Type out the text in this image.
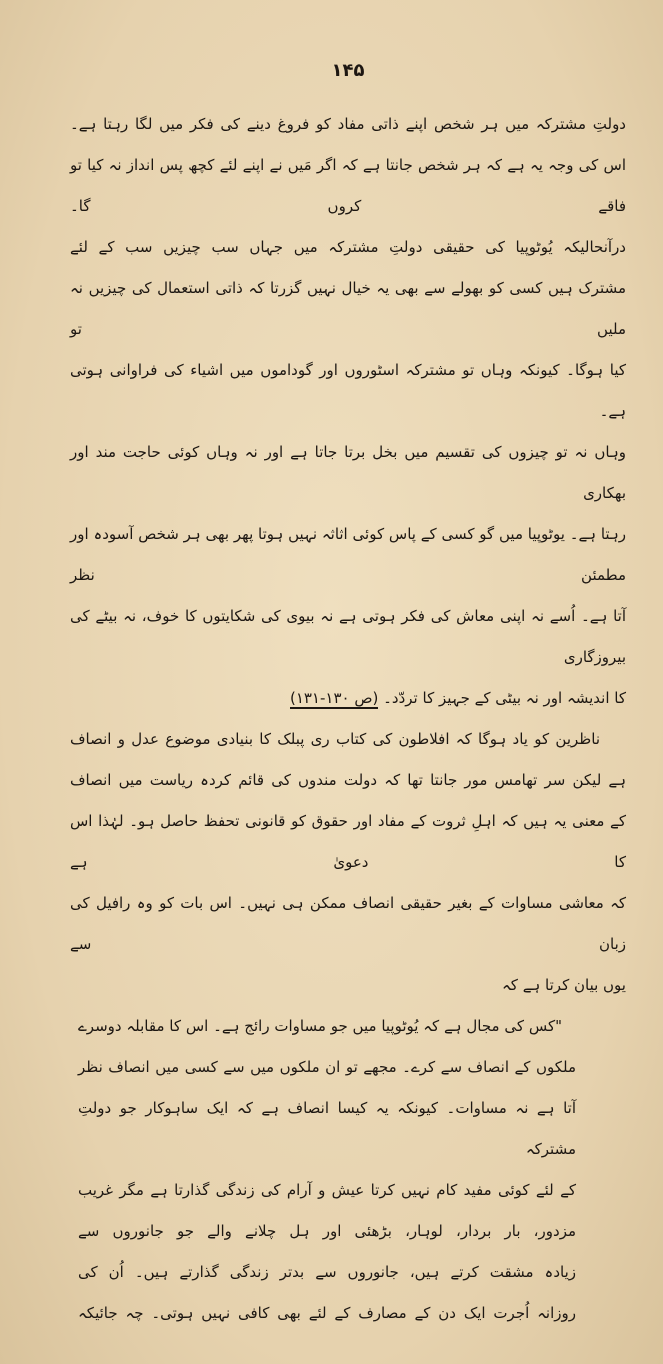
۱۴۵
دولتِ مشترکہ میں ہر شخص اپنے ذاتی مفاد کو فروغ دینے کی فکر میں لگا رہتا ہے۔
اس کی وجہ یہ ہے کہ ہر شخص جانتا ہے کہ اگر مَیں نے اپنے لئے کچھ پس انداز نہ کیا تو فاقے کروں گا۔
درآنحالیکہ یُوٹوپیا کی حقیقی دولتِ مشترکہ میں جہاں سب چیزیں سب کے لئے
مشترک ہیں کسی کو بھولے سے بھی یہ خیال نہیں گزرتا کہ ذاتی استعمال کی چیزیں نہ ملیں تو
کیا ہوگا۔ کیونکہ وہاں تو مشترکہ اسٹوروں اور گوداموں میں اشیاء کی فراوانی ہوتی ہے۔
وہاں نہ تو چیزوں کی تقسیم میں بخل برتا جاتا ہے اور نہ وہاں کوئی حاجت مند اور بھکاری
رہتا ہے۔ یوٹوپیا میں گو کسی کے پاس کوئی اثاثہ نہیں ہوتا پھر بھی ہر شخص آسودہ اور مطمئن نظر
آتا ہے۔ اُسے نہ اپنی معاش کی فکر ہوتی ہے نہ بیوی کی شکایتوں کا خوف، نہ بیٹے کی بیروزگاری
کا اندیشہ اور نہ بیٹی کے جہیز کا تردّد۔ (ص ۱۳۰-۱۳۱)
ناظرین کو یاد ہوگا کہ افلاطون کی کتاب ری پبلک کا بنیادی موضوع عدل و انصاف
ہے لیکن سر تھامس مور جانتا تھا کہ دولت مندوں کی قائم کردہ ریاست میں انصاف
کے معنی یہ ہیں کہ اہلِ ثروت کے مفاد اور حقوق کو قانونی تحفظ حاصل ہو۔ لہٰذا اس کا دعویٰ ہے
کہ معاشی مساوات کے بغیر حقیقی انصاف ممکن ہی نہیں۔ اس بات کو وہ رافیل کی زبان سے
یوں بیان کرتا ہے کہ
"کس کی مجال ہے کہ یُوٹوپیا میں جو مساوات رائج ہے۔ اس کا مقابلہ دوسرے
ملکوں کے انصاف سے کرے۔ مجھے تو ان ملکوں میں سے کسی میں انصاف نظر
آتا ہے نہ مساوات۔ کیونکہ یہ کیسا انصاف ہے کہ ایک ساہوکار جو دولتِ مشترکہ
کے لئے کوئی مفید کام نہیں کرتا عیش و آرام کی زندگی گذارتا ہے مگر غریب
مزدور، بار بردار، لوہار، بڑھئی اور ہل چلانے والے جو جانوروں سے
زیادہ مشقت کرتے ہیں، جانوروں سے بدتر زندگی گذارتے ہیں۔ اُن کی
روزانہ اُجرت ایک دن کے مصارف کے لئے بھی کافی نہیں ہوتی۔ چہ جائیکہ
